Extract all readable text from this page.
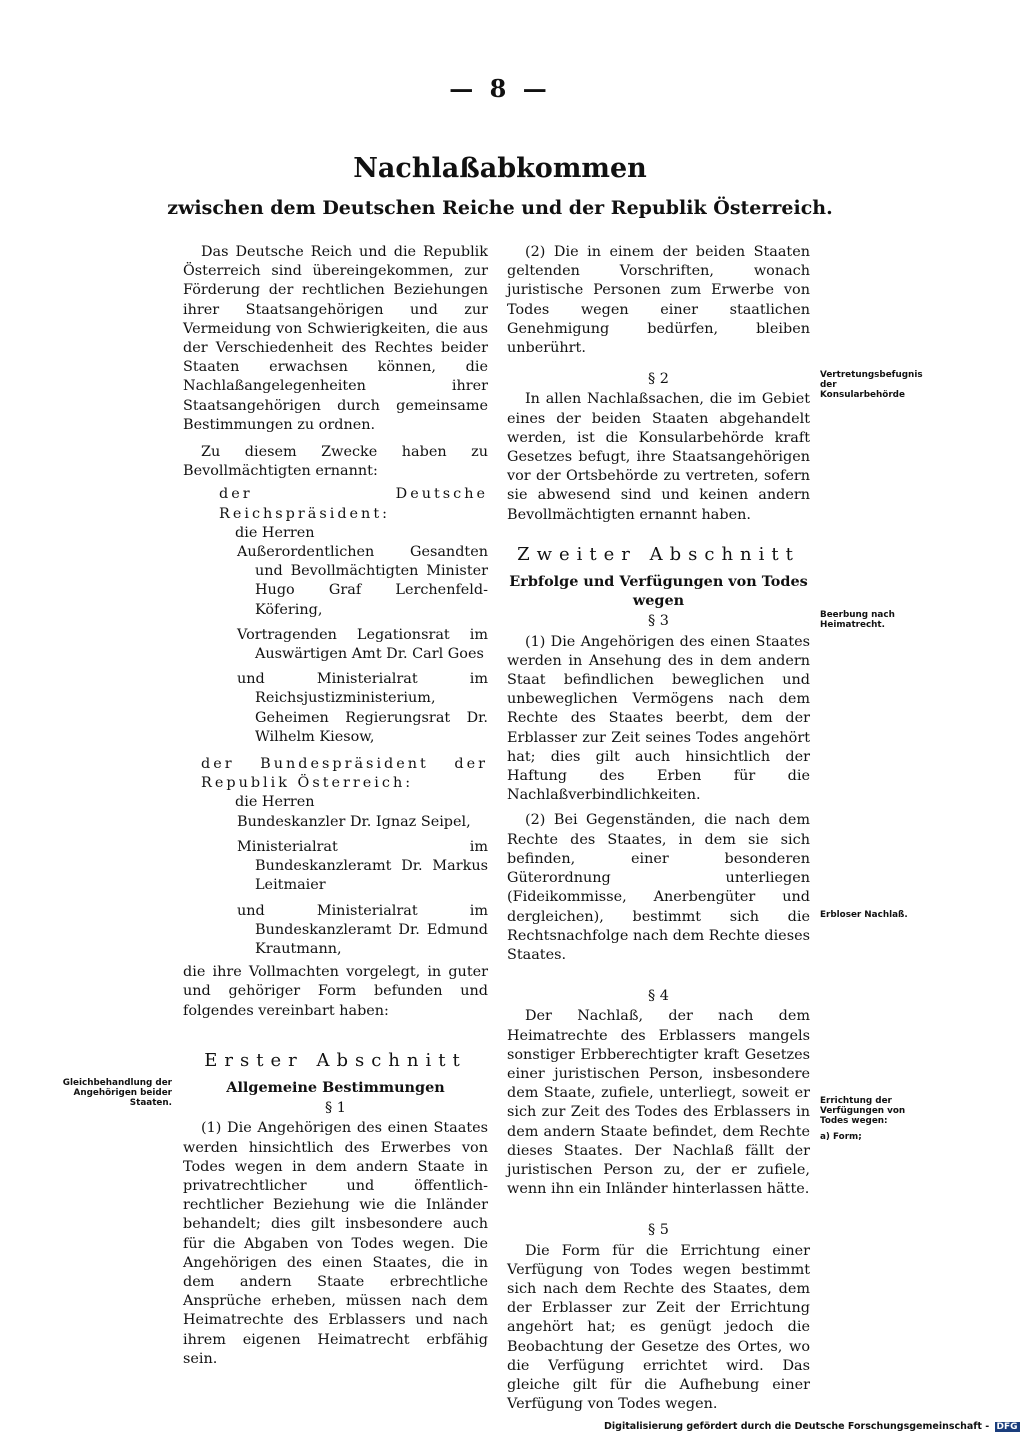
— 8 —
Nachlaßabkommen
zwischen dem Deutschen Reiche und der Republik Österreich.

Das Deutsche Reich und die Republik Österreich sind übereingekommen, zur Förderung der rechtlichen Beziehungen ihrer Staatsangehörigen und zur Vermeidung von Schwierigkeiten, die aus der Verschiedenheit des Rechtes beider Staaten erwachsen können, die Nachlaßangelegenheiten ihrer Staatsangehörigen durch gemeinsame Bestimmungen zu ordnen.

Zu diesem Zwecke haben zu Bevollmächtigten ernannt:

der Deutsche Reichspräsident:

die Herren

Außerordentlichen Gesandten und Bevollmächtigten Minister Hugo Graf Lerchenfeld-Köfering,

Vortragenden Legationsrat im Auswärtigen Amt Dr. Carl Goes

und Ministerialrat im Reichsjustizministerium, Geheimen Regierungsrat Dr. Wilhelm Kiesow,

der Bundespräsident der Republik Österreich:

die Herren

Bundeskanzler Dr. Ignaz Seipel,

Ministerialrat im Bundeskanzleramt Dr. Markus Leitmaier

und Ministerialrat im Bundeskanzleramt Dr. Edmund Krautmann,

die ihre Vollmachten vorgelegt, in guter und gehöriger Form befunden und folgendes vereinbart haben:

Erster Abschnitt

Allgemeine Bestimmungen

§ 1

(1) Die Angehörigen des einen Staates werden hinsichtlich des Erwerbes von Todes wegen in dem andern Staate in privatrechtlicher und öffentlich-rechtlicher Beziehung wie die Inländer behandelt; dies gilt insbesondere auch für die Abgaben von Todes wegen. Die Angehörigen des einen Staates, die in dem andern Staate erbrechtliche Ansprüche erheben, müssen nach dem Heimatrechte des Erblassers und nach ihrem eigenen Heimatrecht erbfähig sein.

(2) Die in einem der beiden Staaten geltenden Vorschriften, wonach juristische Personen zum Erwerbe von Todes wegen einer staatlichen Genehmigung bedürfen, bleiben unberührt.

§ 2

In allen Nachlaßsachen, die im Gebiet eines der beiden Staaten abgehandelt werden, ist die Konsularbehörde kraft Gesetzes befugt, ihre Staatsangehörigen vor der Ortsbehörde zu vertreten, sofern sie abwesend sind und keinen andern Bevollmächtigten ernannt haben.

Zweiter Abschnitt

Erbfolge und Verfügungen von Todes wegen

§ 3

(1) Die Angehörigen des einen Staates werden in Ansehung des in dem andern Staat befindlichen beweglichen und unbeweglichen Vermögens nach dem Rechte des Staates beerbt, dem der Erblasser zur Zeit seines Todes angehört hat; dies gilt auch hinsichtlich der Haftung des Erben für die Nachlaßverbindlichkeiten.

(2) Bei Gegenständen, die nach dem Rechte des Staates, in dem sie sich befinden, einer besonderen Güterordnung unterliegen (Fideikommisse, Anerbengüter und dergleichen), bestimmt sich die Rechtsnachfolge nach dem Rechte dieses Staates.

§ 4

Der Nachlaß, der nach dem Heimatrechte des Erblassers mangels sonstiger Erbberechtigter kraft Gesetzes einer juristischen Person, insbesondere dem Staate, zufiele, unterliegt, soweit er sich zur Zeit des Todes des Erblassers in dem andern Staate befindet, dem Rechte dieses Staates. Der Nachlaß fällt der juristischen Person zu, der er zufiele, wenn ihn ein Inländer hinterlassen hätte.

§ 5

Die Form für die Errichtung einer Verfügung von Todes wegen bestimmt sich nach dem Rechte des Staates, dem der Erblasser zur Zeit der Errichtung angehört hat; es genügt jedoch die Beobachtung der Gesetze des Ortes, wo die Verfügung errichtet wird. Das gleiche gilt für die Aufhebung einer Verfügung von Todes wegen.

Gleichbehandlung der Angehörigen beider Staaten.
Vertretungsbefugnis der Konsularbehörde
Beerbung nach Heimatrecht.
Erbloser Nachlaß.
Errichtung der Verfügungen von Todes wegen:
a) Form;
Digitalisierung gefördert durch die Deutsche Forschungsgemeinschaft - DFG
